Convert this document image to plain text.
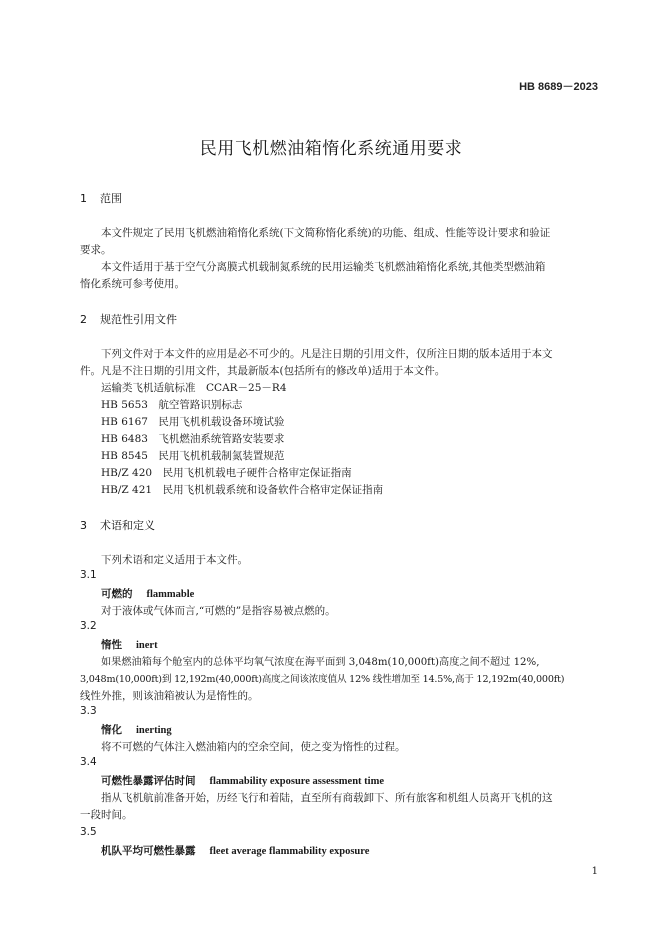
HB 8689－2023
民用飞机燃油箱惰化系统通用要求
1 范围
本文件规定了民用飞机燃油箱惰化系统(下文简称惰化系统)的功能、组成、性能等设计要求和验证
要求。
本文件适用于基于空气分离膜式机载制氮系统的民用运输类飞机燃油箱惰化系统,其他类型燃油箱
惰化系统可参考使用。
2 规范性引用文件
下列文件对于本文件的应用是必不可少的。凡是注日期的引用文件，仅所注日期的版本适用于本文
件。凡是不注日期的引用文件，其最新版本(包括所有的修改单)适用于本文件。
运输类飞机适航标准　CCAR－25－R4
HB 5653　航空管路识别标志
HB 6167　民用飞机机载设备环境试验
HB 6483　飞机燃油系统管路安装要求
HB 8545　民用飞机机载制氮装置规范
HB/Z 420　民用飞机机载电子硬件合格审定保证指南
HB/Z 421　民用飞机机载系统和设备软件合格审定保证指南
3 术语和定义
下列术语和定义适用于本文件。
3.1
可燃的 flammable
对于液体或气体而言,“可燃的”是指容易被点燃的。
3.2
惰性 inert
如果燃油箱每个舱室内的总体平均氧气浓度在海平面到 3,048m(10,000ft)高度之间不超过 12%,
3,048m(10,000ft)到 12,192m(40,000ft)高度之间该浓度值从 12% 线性增加至 14.5%,高于 12,192m(40,000ft)
线性外推，则该油箱被认为是惰性的。
3.3
惰化 inerting
将不可燃的气体注入燃油箱内的空余空间，使之变为惰性的过程。
3.4
可燃性暴露评估时间 flammability exposure assessment time
指从飞机航前准备开始，历经飞行和着陆，直至所有商载卸下、所有旅客和机组人员离开飞机的这
一段时间。
3.5
机队平均可燃性暴露 fleet average flammability exposure
1
